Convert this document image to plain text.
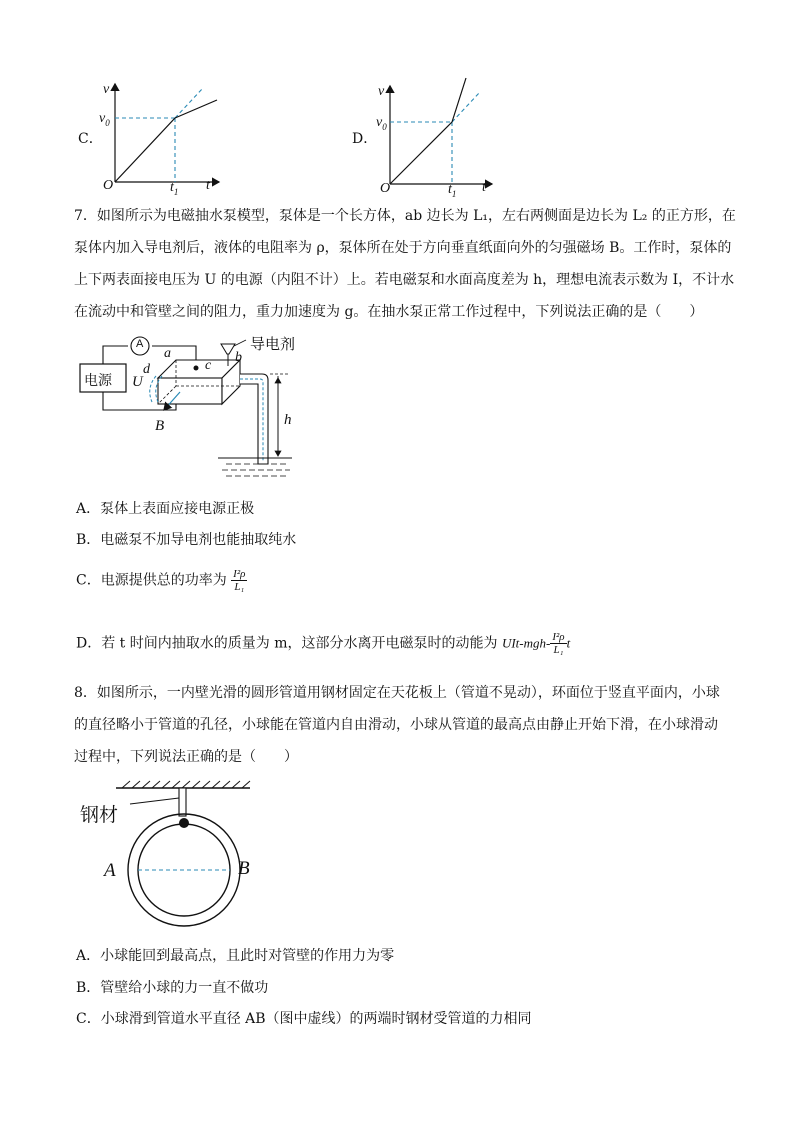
C．
v
$v_0$
O	$t_1$ t
D．
v
$v_0$
O	$t_1$ t
7．如图所示为电磁抽水泵模型，泵体是一个长方体，ab 边长为 L₁，左右两侧面是边长为 L₂ 的正方形，在
泵体内加入导电剂后，液体的电阻率为 ρ，泵体所在处于方向垂直纸面向外的匀强磁场 B。工作时，泵体的
上下两表面接电压为 U 的电源（内阻不计）上。若电磁泵和水面高度差为 h，理想电流表示数为 I，不计水
在流动中和管壁之间的阻力，重力加速度为 g。在抽水泵正常工作过程中，下列说法正确的是（　　）
A
电源
导电剂
a	b
c
d
U
B	h
A．泵体上表面应接电源正极
B．电磁泵不加导电剂也能抽取纯水
C．电源提供总的功率为 $\frac{\text{I²ρ}}{\text{L₁}}$
D．若 t 时间内抽取水的质量为 m，这部分水离开电磁泵时的动能为 $UIt-mgh- \frac{\text{I²ρ}}{\text{L₁}}$ t
8．如图所示，一内壁光滑的圆形管道用钢材固定在天花板上（管道不晃动），环面位于竖直平面内，小球
的直径略小于管道的孔径，小球能在管道内自由滑动，小球从管道的最高点由静止开始下滑，在小球滑动
过程中，下列说法正确的是（　　）
钢材
A	B
A．小球能回到最高点，且此时对管壁的作用力为零
B．管壁给小球的力一直不做功
C．小球滑到管道水平直径 AB（图中虚线）的两端时钢材受管道的力相同
